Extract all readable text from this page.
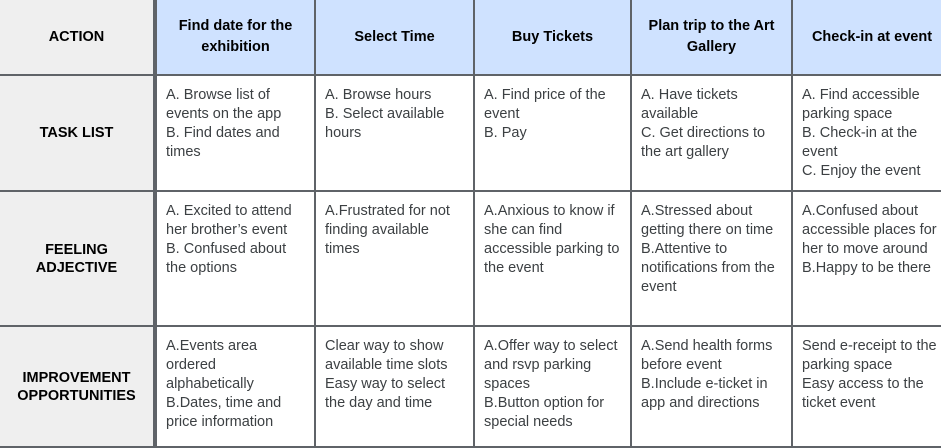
ACTION
Find date for the exhibition
Select Time	Buy Tickets
Plan trip to the Art Gallery
Check-in at event
TASK LIST
A. Browse list of events on the app
B. Find dates and times
A. Browse hours
B. Select available hours
A. Find price of the event
B. Pay
A. Have tickets available
C. Get directions to the art gallery
A. Find accessible parking space
B. Check-in at the event
C. Enjoy the event
FEELING ADJECTIVE
A. Excited to attend her brother’s event
B. Confused about the options
A.Frustrated for not finding available times
A.Anxious to know if she can find accessible parking to the event
A.Stressed about getting there on time
B.Attentive to notifications from the event
A.Confused about accessible places for her to move around
B.Happy to be there
IMPROVEMENT OPPORTUNITIES
A.Events area ordered alphabetically
B.Dates, time and price information
Clear way to show available time slots
Easy way to select the day and time
A.Offer way to select and rsvp parking spaces
B.Button option for special needs
A.Send health forms before event
B.Include e-ticket in app and directions
Send e-receipt to the parking space
Easy access to the ticket event
